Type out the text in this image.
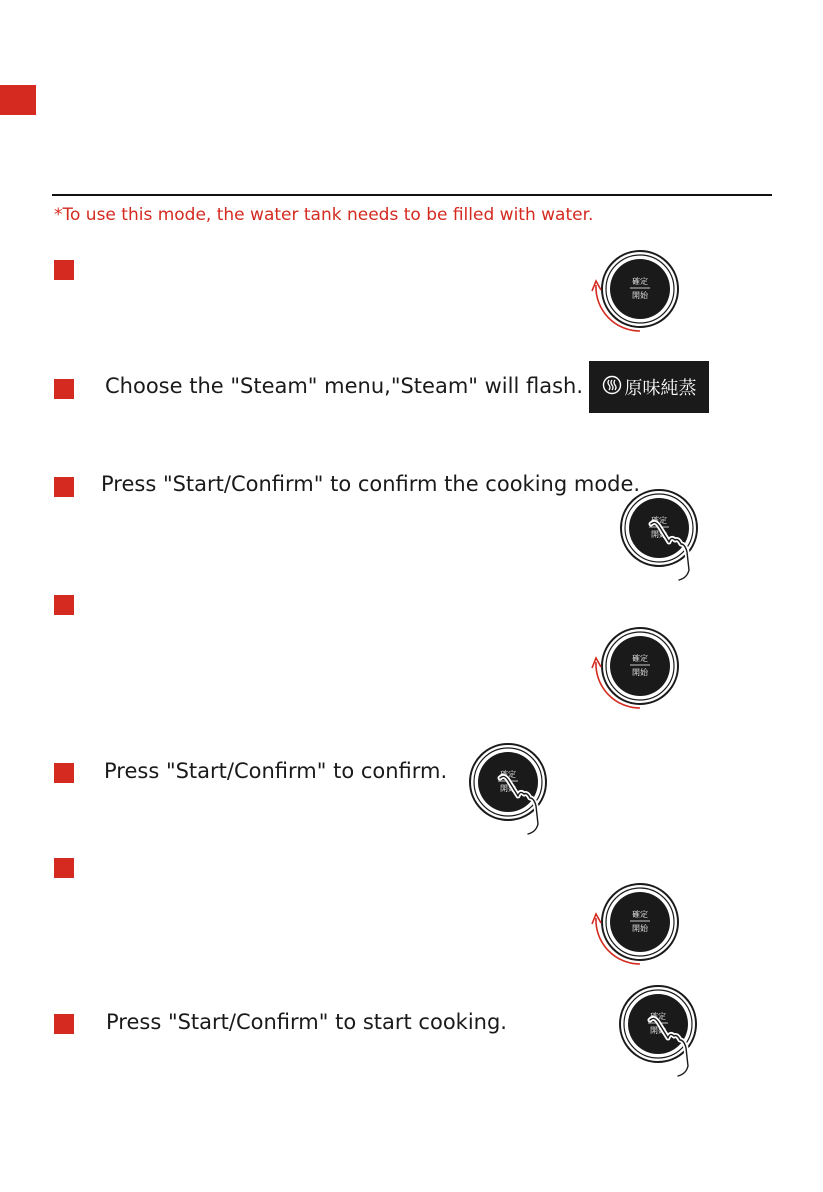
*To use this mode, the water tank needs to be filled with water.
確定
開始
Choose the "Steam" menu,"Steam" will flash. 原味純蒸
Press "Start/Confirm" to confirm the cooking mode.
確定
開始
確定
開始
Press "Start/Confirm" to confirm.	確定
開始
確定
開始
Press "Start/Confirm" to start cooking.	確定
開始
